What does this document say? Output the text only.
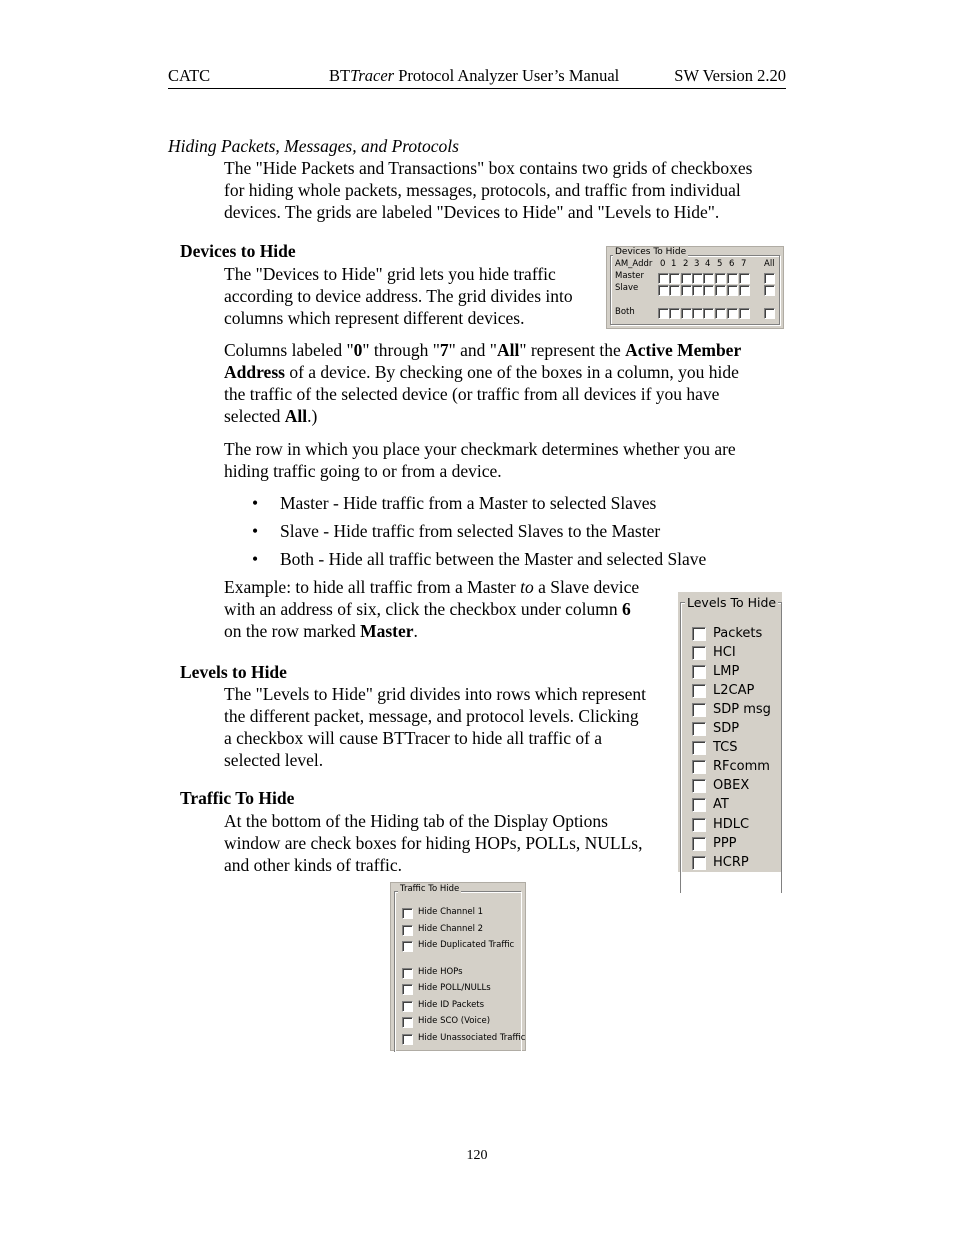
CATC	BTTracer Protocol Analyzer User’s Manual	SW Version 2.20
Hiding Packets, Messages, and Protocols
The "Hide Packets and Transactions" box contains two grids of checkboxes
for hiding whole packets, messages, protocols, and traffic from individual
devices. The grids are labeled "Devices to Hide" and "Levels to Hide".
Devices to Hide
The "Devices to Hide" grid lets you hide traffic
according to device address. The grid divides into
columns which represent different devices.
Columns labeled "0" through "7" and "All" represent the Active Member
Address of a device. By checking one of the boxes in a column, you hide
the traffic of the selected device (or traffic from all devices if you have
selected All.)
The row in which you place your checkmark determines whether you are
hiding traffic going to or from a device.
• Master - Hide traffic from a Master to selected Slaves
• Slave - Hide traffic from selected Slaves to the Master
• Both - Hide all traffic between the Master and selected Slave
Example: to hide all traffic from a Master to a Slave device
with an address of six, click the checkbox under column 6
on the row marked Master.
Levels to Hide
The "Levels to Hide" grid divides into rows which represent
the different packet, message, and protocol levels. Clicking
a checkbox will cause BTTracer to hide all traffic of a
selected level.
Traffic To Hide
At the bottom of the Hiding tab of the Display Options
window are check boxes for hiding HOPs, POLLs, NULLs,
and other kinds of traffic.
Devices To Hide
AM_Addr 0 1 2 3 4 5 6 7 All
Master
Slave
Both
Levels To Hide
Packets
HCI
LMP
L2CAP
SDP msg
SDP
TCS
RFcomm
OBEX
AT
HDLC
PPP
HCRP
Traffic To Hide
Hide Channel 1
Hide Channel 2
Hide Duplicated Traffic
Hide HOPs
Hide POLL/NULLs
Hide ID Packets
Hide SCO (Voice)
Hide Unassociated Traffic
120
